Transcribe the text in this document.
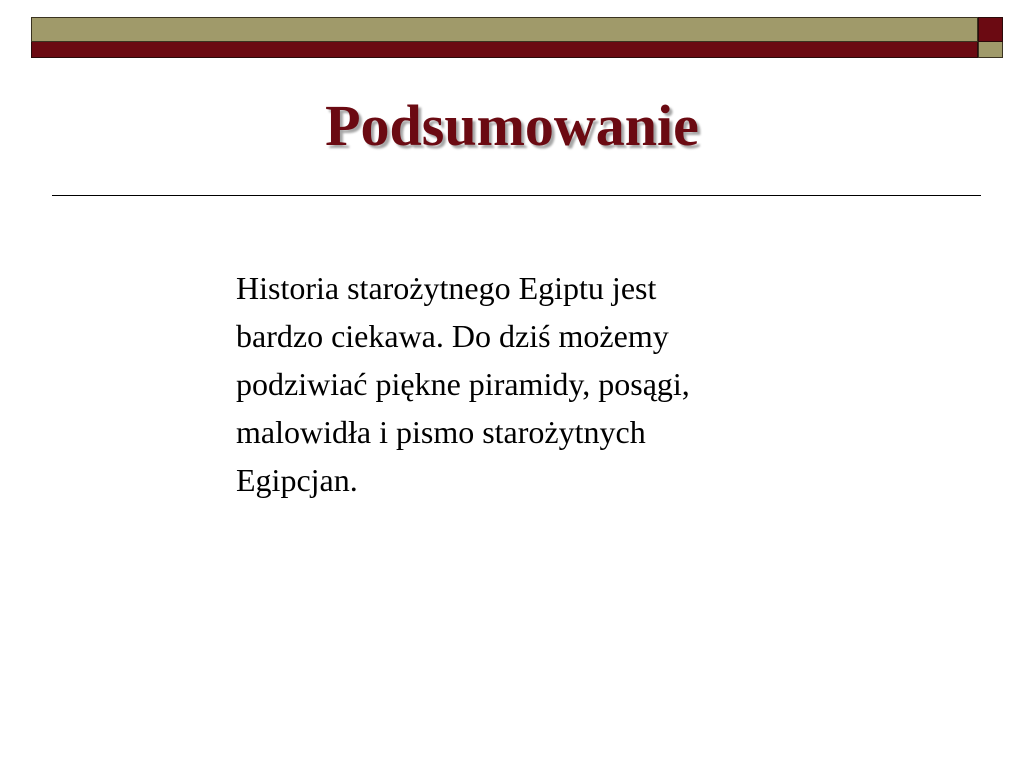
Podsumowanie
Historia starożytnego Egiptu jest
bardzo ciekawa. Do dziś możemy
podziwiać piękne piramidy, posągi,
malowidła i pismo starożytnych
Egipcjan.
